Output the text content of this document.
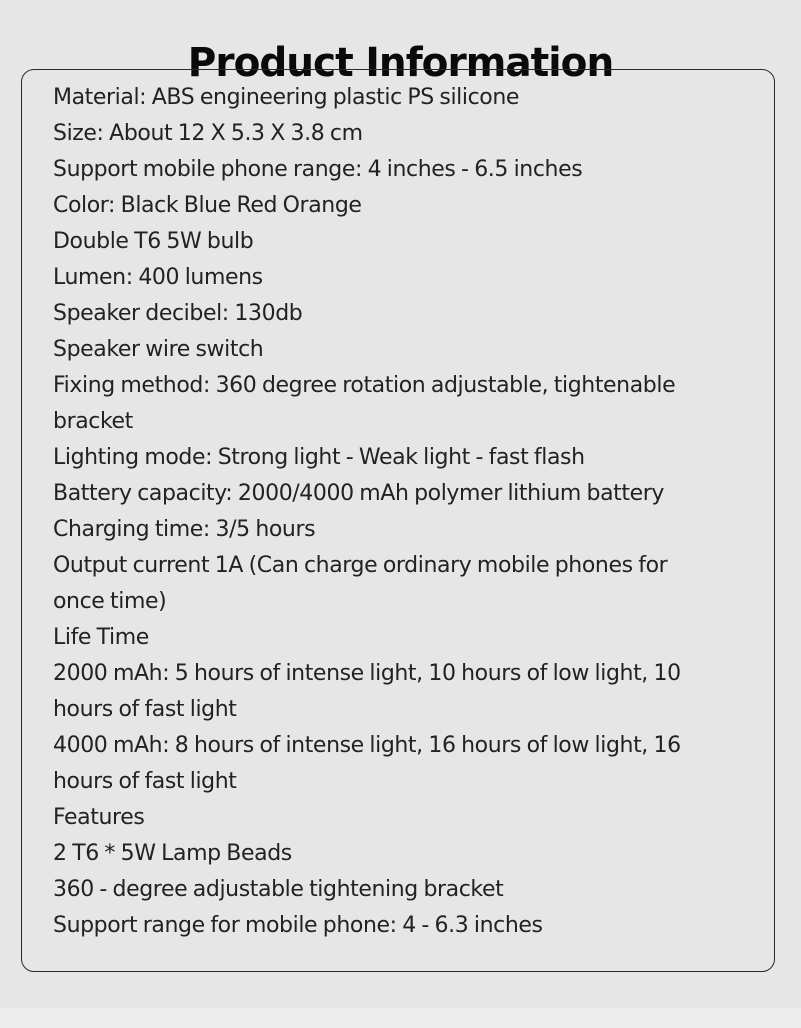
Product Information
Material: ABS engineering plastic PS silicone
Size: About 12 X 5.3 X 3.8 cm
Support mobile phone range: 4 inches - 6.5 inches
Color: Black Blue Red Orange
Double T6 5W bulb
Lumen: 400 lumens
Speaker decibel: 130db
Speaker wire switch
Fixing method: 360 degree rotation adjustable, tightenable
bracket
Lighting mode: Strong light - Weak light - fast flash
Battery capacity: 2000/4000 mAh polymer lithium battery
Charging time: 3/5 hours
Output current 1A (Can charge ordinary mobile phones for
once time)
Life Time
2000 mAh: 5 hours of intense light, 10 hours of low light, 10
hours of fast light
4000 mAh: 8 hours of intense light, 16 hours of low light, 16
hours of fast light
Features
2 T6 * 5W Lamp Beads
360 - degree adjustable tightening bracket
Support range for mobile phone: 4 - 6.3 inches
